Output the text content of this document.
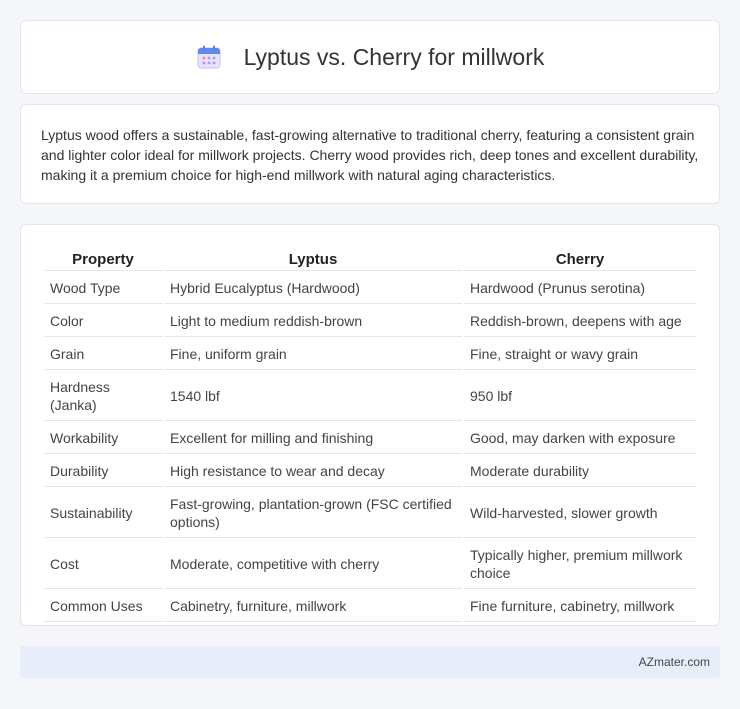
Lyptus vs. Cherry for millwork

Lyptus wood offers a sustainable, fast-growing alternative to traditional cherry, featuring a consistent grain and lighter color ideal for millwork projects. Cherry wood provides rich, deep tones and excellent durability, making it a premium choice for high-end millwork with natural aging characteristics.

Property	Lyptus	Cherry
Wood Type	Hybrid Eucalyptus (Hardwood)	Hardwood (Prunus serotina)
Color	Light to medium reddish-brown	Reddish-brown, deepens with age
Grain	Fine, uniform grain	Fine, straight or wavy grain
Hardness (Janka)	1540 lbf	950 lbf
Workability	Excellent for milling and finishing	Good, may darken with exposure
Durability	High resistance to wear and decay	Moderate durability
Sustainability	Fast-growing, plantation-grown (FSC certified options)	Wild-harvested, slower growth
Cost	Moderate, competitive with cherry	Typically higher, premium millwork choice
Common Uses	Cabinetry, furniture, millwork	Fine furniture, cabinetry, millwork
AZmater.com
